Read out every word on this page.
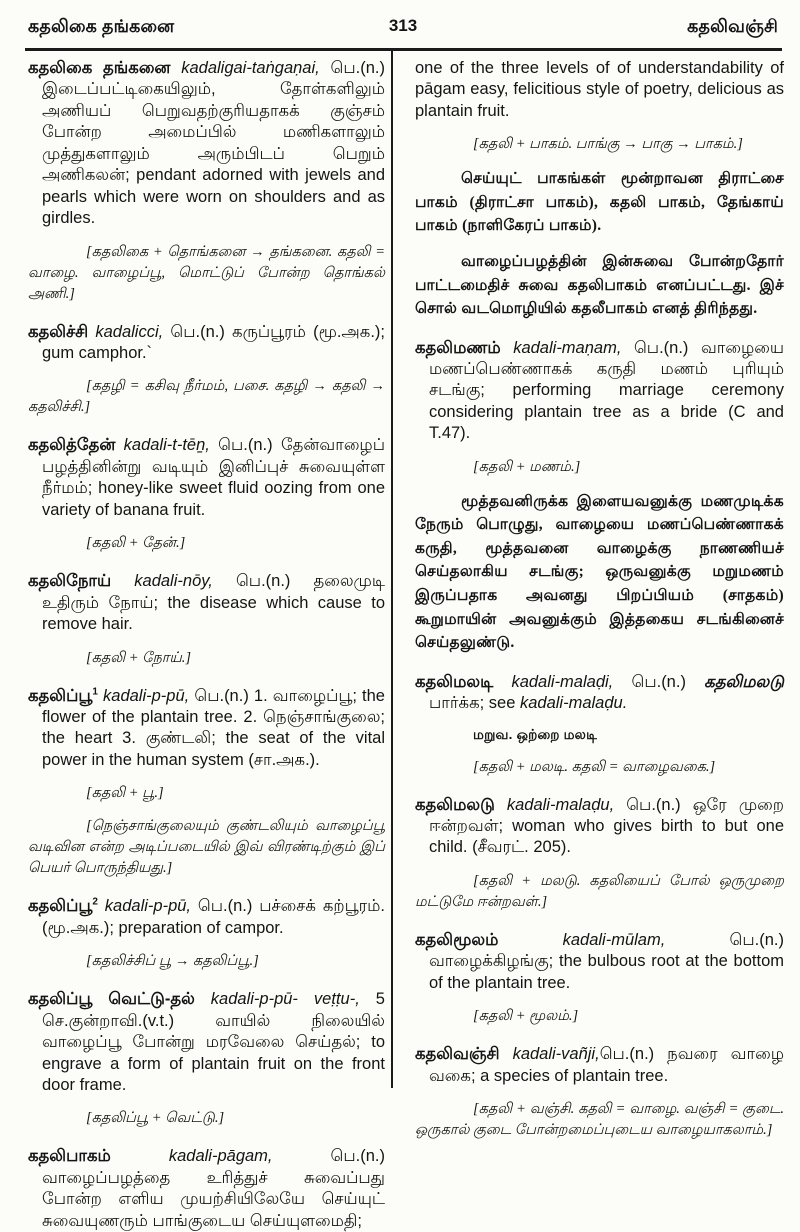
கதலிகை தங்கனை	313	கதலிவஞ்சி
கதலிகை தங்கனை kadaligai-taṅgaṇai, பெ.(n.) இடைப்பட்டிகையிலும், தோள்களிலும் அணியப் பெறுவதற்குரியதாகக் குஞ்சம் போன்ற அமைப்பில் மணிகளாலும் முத்துகளாலும் அரும்பிடப் பெறும் அணிகலன்; pendant adorned with jewels and pearls which were worn on shoulders and as girdles.
[கதலிகை + தொங்கனை → தங்கனை. கதலி = வாழை. வாழைப்பூ, மொட்டுப் போன்ற தொங்கல் அணி.]
கதலிச்சி kadalicci, பெ.(n.) கருப்பூரம் (மூ.அக.); gum camphor.`
[கதழி = கசிவு நீர்மம், பசை. கதழி → கதலி → கதலிச்சி.]
கதலித்தேன் kadali-t-tēṉ, பெ.(n.) தேன்வாழைப் பழத்தினின்று வடியும் இனிப்புச் சுவையுள்ள நீர்மம்; honey-like sweet fluid oozing from one variety of banana fruit.
[கதலி + தேன்.]
கதலிநோய் kadali-nōy, பெ.(n.) தலைமுடி உதிரும் நோய்; the disease which cause to remove hair.
[கதலி + நோய்.]
கதலிப்பூ$^1$ kadali-p-pū, பெ.(n.) 1. வாழைப்பூ; the flower of the plantain tree. 2. நெஞ்சாங்குலை; the heart 3. குண்டலி; the seat of the vital power in the human system (சா.அக.).
[கதலி + பூ.]
[நெஞ்சாங்குலையும் குண்டலியும் வாழைப்பூ வடிவின என்ற அடிப்படையில் இவ் விரண்டிற்கும் இப் பெயர் பொருந்தியது.]
கதலிப்பூ$^2$ kadali-p-pū, பெ.(n.) பச்சைக் கற்பூரம். (மூ.அக.); preparation of campor.
[கதலிச்சிப் பூ → கதலிப்பூ.]
கதலிப்பூ வெட்டு-தல் kadali-p-pū- veṭṭu-, 5 செ.குன்றாவி.(v.t.) வாயில் நிலையில் வாழைப்பூ போன்று மரவேலை செய்தல்; to engrave a form of plantain fruit on the front door frame.
[கதலிப்பூ + வெட்டு.]
கதலிபாகம் kadali-pāgam, பெ.(n.) வாழைப்பழத்தை உரித்துச் சுவைப்பது போன்ற எளிய முயற்சியிலேயே செய்யுட் சுவையுணரும் பாங்குடைய செய்யுளமைதி;
one of the three levels of of understandability of pāgam easy, felicitious style of poetry, delicious as plantain fruit.
[கதலி + பாகம். பாங்கு → பாகு → பாகம்.]
செய்யுட் பாகங்கள் மூன்றாவன திராட்சை பாகம் (திராட்சா பாகம்), கதலி பாகம், தேங்காய் பாகம் (நாளிகேரப் பாகம்).
வாழைப்பழத்தின் இன்சுவை போன்றதோர் பாட்டமைதிச் சுவை கதலிபாகம் எனப்பட்டது. இச் சொல் வடமொழியில் கதலீபாகம் எனத் திரிந்தது.
கதலிமணம் kadali-maṇam, பெ.(n.) வாழையை மணப்பெண்ணாகக் கருதி மணம் புரியும் சடங்கு; performing marriage ceremony considering plantain tree as a bride (C and T.47).
[கதலி + மணம்.]
மூத்தவனிருக்க இளையவனுக்கு மணமுடிக்க நேரும் பொழுது, வாழையை மணப்பெண்ணாகக் கருதி, மூத்தவனை வாழைக்கு நாணணியச் செய்தலாகிய சடங்கு; ஒருவனுக்கு மறுமணம் இருப்பதாக அவனது பிறப்பியம் (சாதகம்) கூறுமாயின் அவனுக்கும் இத்தகைய சடங்கினைச் செய்தலுண்டு.
கதலிமலடி kadali-malaḍi, பெ.(n.) கதலிமலடு பார்க்க; see kadali-malaḍu.
மறுவ. ஒற்றை மலடி
[கதலி + மலடி. கதலி = வாழைவகை.]
கதலிமலடு kadali-malaḍu, பெ.(n.) ஒரே முறை ஈன்றவள்; woman who gives birth to but one child. (சீவரட். 205).
[கதலி + மலடு. கதலியைப் போல் ஒருமுறை மட்டுமே ஈன்றவள்.]
கதலிமூலம் kadali-mūlam, பெ.(n.) வாழைக்கிழங்கு; the bulbous root at the bottom of the plantain tree.
[கதலி + மூலம்.]
கதலிவஞ்சி kadali-vañji,பெ.(n.) நவரை வாழை வகை; a species of plantain tree.
[கதலி + வஞ்சி. கதலி = வாழை. வஞ்சி = குடை. ஒருகால் குடை போன்றமைப்புடைய வாழையாகலாம்.]
